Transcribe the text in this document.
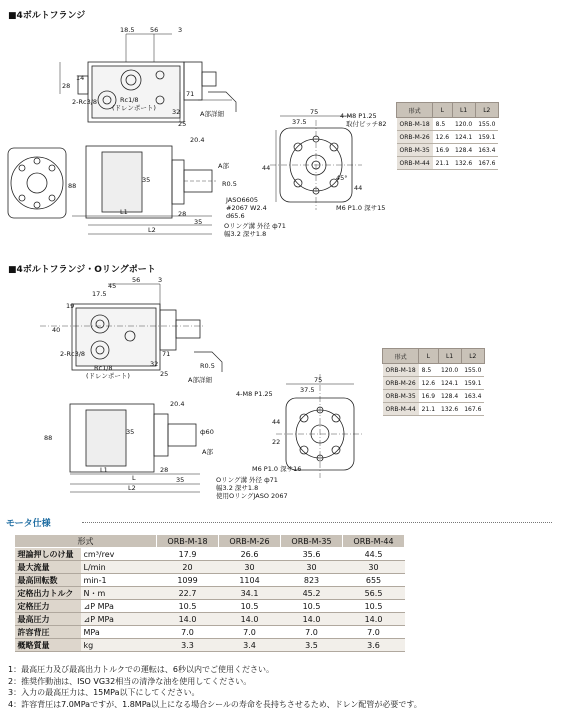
■4ボルトフランジ
18.5 56	3
28
14
71
32
25
2-Rc3/8	Rc1/8
(ドレンポート)
A部詳細
20.4
88
35
A部
R0.5
JASO6605
#2067 W2.4
d65.6
Oリング溝 外径 ф71
幅3.2 深サ1.8
L1
L2
28
35
75
37.5
44
44
4-M8 P1.25
取付ピッチ82
M6 P1.0 深サ15
45°
形式	L	L1	L2
ORB-M-18	8.5	120.0	155.0
ORB-M-26	12.6	124.1	159.1
ORB-M-35	16.9	128.4	163.4
ORB-M-44	21.1	132.6	167.6
■4ボルトフランジ・Oリングポート
17.5
45
56	3
19
40
71
32
25
2-Rc3/8
Rc1/8
(ドレンポート)	A部詳細
R0.5
20.4
88
35
A部
ф60
L
L1
L2
28
35
75
37.5
44
22
4-M8 P1.25
M6 P1.0 深サ16
Oリング溝 外径 ф71
幅3.2 深サ1.8
使用OリングJASO 2067
形式	L	L1	L2
ORB-M-18	8.5	120.0	155.0
ORB-M-26	12.6	124.1	159.1
ORB-M-35	16.9	128.4	163.4
ORB-M-44	21.1	132.6	167.6
モータ仕様
形式		ORB-M-18	ORB-M-26	ORB-M-35	ORB-M-44
理論押しのけ量	cm³/rev	17.9	26.6	35.6	44.5
最大流量	L/min	20	30	30	30
最高回転数	min-1	1099	1104	823	655
定格出力トルク	N・m	22.7	34.1	45.2	56.5
定格圧力	⊿P MPa	10.5	10.5	10.5	10.5
最高圧力	⊿P MPa	14.0	14.0	14.0	14.0
許容背圧	MPa	7.0	7.0	7.0	7.0
概略質量	kg	3.3	3.4	3.5	3.6
1：最高圧力及び最高出力トルクでの運転は、6秒以内でご使用ください。
2：推奨作動油は、ISO VG32相当の清浄な油を使用してください。
3：入力の最高圧力は、15MPa以下にしてください。
4：許容背圧は7.0MPaですが、1.8MPa以上になる場合シールの寿命を長持ちさせるため、ドレン配管が必要です。
